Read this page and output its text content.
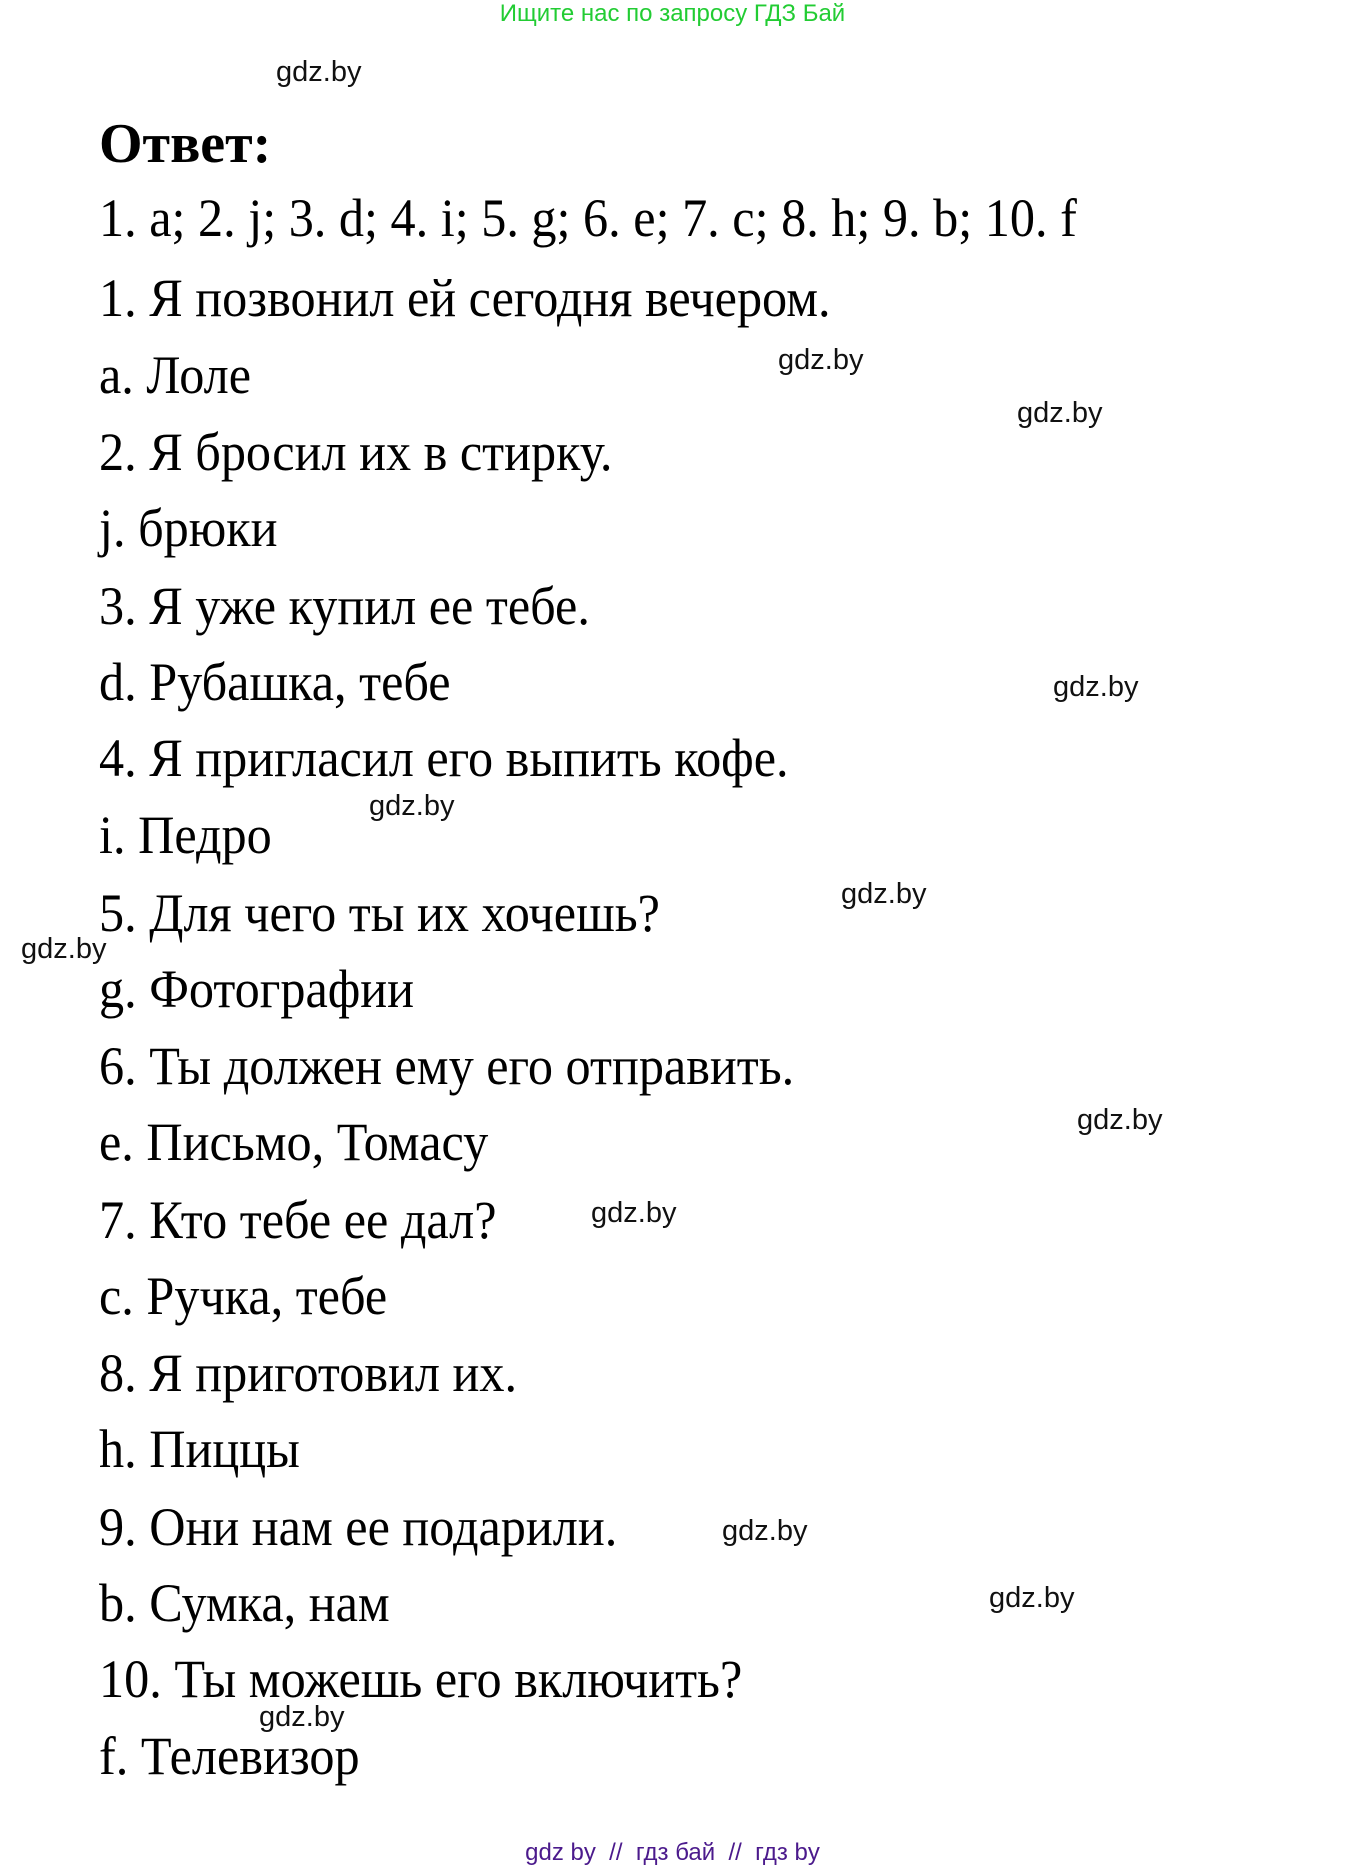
Ищите нас по запросу ГДЗ Бай
gdz.by
Ответ:
1. a; 2. j; 3. d; 4. i; 5. g; 6. e; 7. c; 8. h; 9. b; 10. f
1. Я позвонил ей сегодня вечером.
a. Лоле
2. Я бросил их в стирку.
j. брюки
3. Я уже купил ее тебе.
d. Рубашка, тебе
4. Я пригласил его выпить кофе.
i. Педро
5. Для чего ты их хочешь?
g. Фотографии
6. Ты должен ему его отправить.
e. Письмо, Томасу
7. Кто тебе ее дал?
c. Ручка, тебе
8. Я приготовил их.
h. Пиццы
9. Они нам ее подарили.
b. Сумка, нам
10. Ты можешь его включить?
f. Телевизор
gdz.by
gdz.by
gdz.by
gdz.by
gdz.by
gdz.by
gdz.by
gdz.by
gdz.by
gdz.by
gdz.by
gdz by  //  гдз бай  //  гдз by
